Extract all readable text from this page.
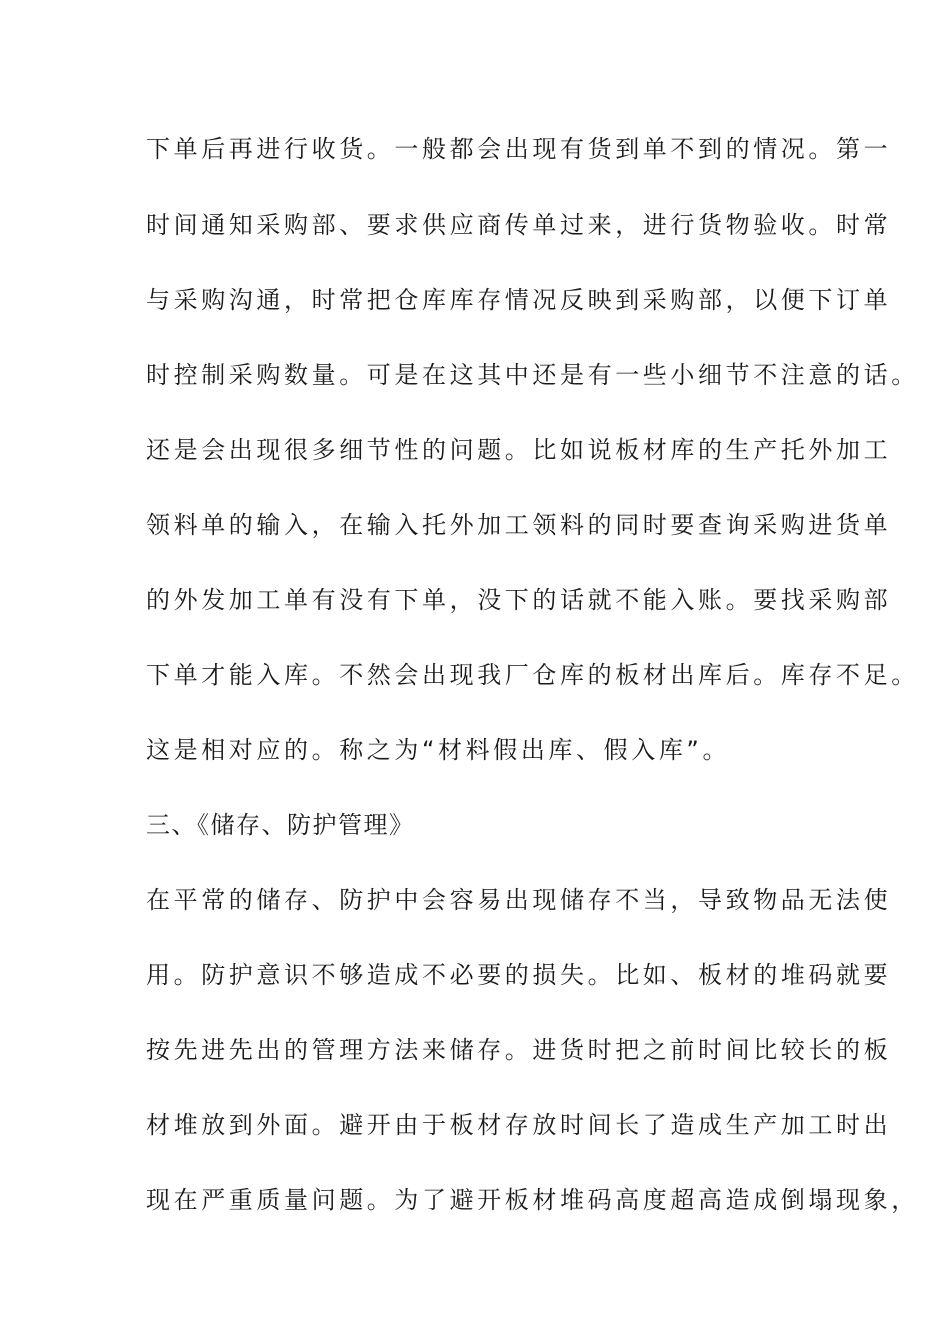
下单后再进行收货。一般都会出现有货到单不到的情况。第一
时间通知采购部、要求供应商传单过来，进行货物验收。时常
与采购沟通，时常把仓库库存情况反映到采购部，以便下订单
时控制采购数量。可是在这其中还是有一些小细节不注意的话。
还是会出现很多细节性的问题。比如说板材库的生产托外加工
领料单的输入，在输入托外加工领料的同时要查询采购进货单
的外发加工单有没有下单，没下的话就不能入账。要找采购部
下单才能入库。不然会出现我厂仓库的板材出库后。库存不足。
这是相对应的。称之为“材料假出库、假入库”。
三、《储存、防护管理》
在平常的储存、防护中会容易出现储存不当，导致物品无法使
用。防护意识不够造成不必要的损失。比如、板材的堆码就要
按先进先出的管理方法来储存。进货时把之前时间比较长的板
材堆放到外面。避开由于板材存放时间长了造成生产加工时出
现在严重质量问题。为了避开板材堆码高度超高造成倒塌现象，
